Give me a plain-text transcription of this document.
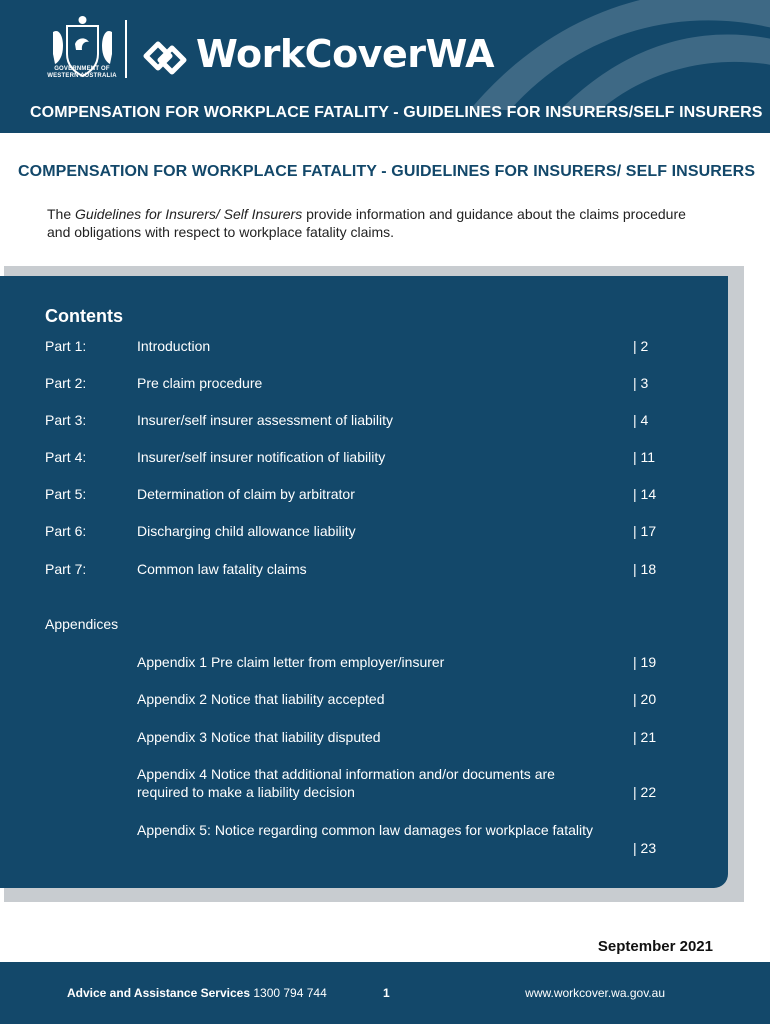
GOVERNMENT OF WESTERN AUSTRALIA WorkCoverWA
COMPENSATION FOR WORKPLACE FATALITY - GUIDELINES FOR INSURERS/SELF INSURERS
COMPENSATION FOR WORKPLACE FATALITY - GUIDELINES FOR INSURERS/ SELF INSURERS
The Guidelines for Insurers/ Self Insurers provide information and guidance about the claims procedure and obligations with respect to workplace fatality claims.
Contents
Part 1:	Introduction	| 2
Part 2:	Pre claim procedure	| 3
Part 3:	Insurer/self insurer assessment of liability	| 4
Part 4:	Insurer/self insurer notification of liability	| 11
Part 5:	Determination of claim by arbitrator	| 14
Part 6:	Discharging child allowance liability	| 17
Part 7:	Common law fatality claims	| 18
Appendices
Appendix 1 Pre claim letter from employer/insurer	| 19
Appendix 2 Notice that liability accepted	| 20
Appendix 3 Notice that liability disputed	| 21
Appendix 4 Notice that additional information and/or documents are required to make a liability decision	| 22
Appendix 5: Notice regarding common law damages for workplace fatality
| 23
September 2021
Advice and Assistance Services 1300 794 744	1	www.workcover.wa.gov.au
